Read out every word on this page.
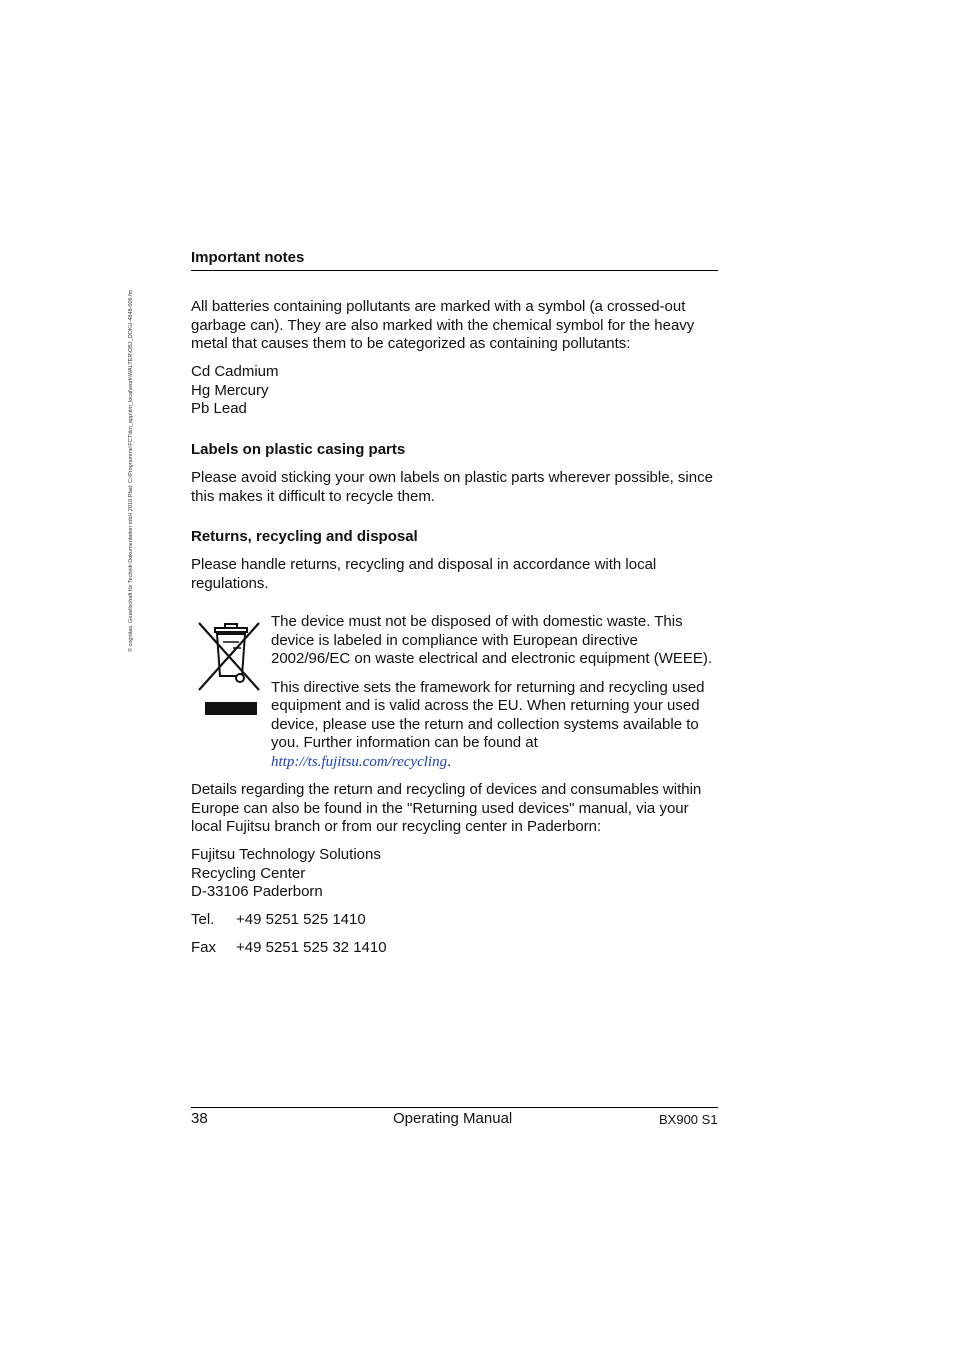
© cognitas. Gesellschaft für Technik-Dokumentation mbH 2010 Pfad: C:\Programme\FCT\tim_app\tim_local\work\WALTER\OBJ_DOKU-4848-006.fm
Important notes

All batteries containing pollutants are marked with a symbol (a crossed-out garbage can). They are also marked with the chemical symbol for the heavy metal that causes them to be categorized as containing pollutants:

Cd Cadmium
Hg Mercury
Pb Lead
Labels on plastic casing parts

Please avoid sticking your own labels on plastic parts wherever possible, since this makes it difficult to recycle them.

Returns, recycling and disposal

Please handle returns, recycling and disposal in accordance with local regulations.

The device must not be disposed of with domestic waste. This device is labeled in compliance with European directive 2002/96/EC on waste electrical and electronic equipment (WEEE).

This directive sets the framework for returning and recycling used equipment and is valid across the EU. When returning your used device, please use the return and collection systems available to you. Further information can be found at

http://ts.fujitsu.com/recycling.

Details regarding the return and recycling of devices and consumables within Europe can also be found in the "Returning used devices" manual, via your local Fujitsu branch or from our recycling center in Paderborn:

Fujitsu Technology Solutions
Recycling Center
D-33106 Paderborn
Tel. +49 5251 525 1410
Fax +49 5251 525 32 1410
38	Operating Manual	BX900 S1
